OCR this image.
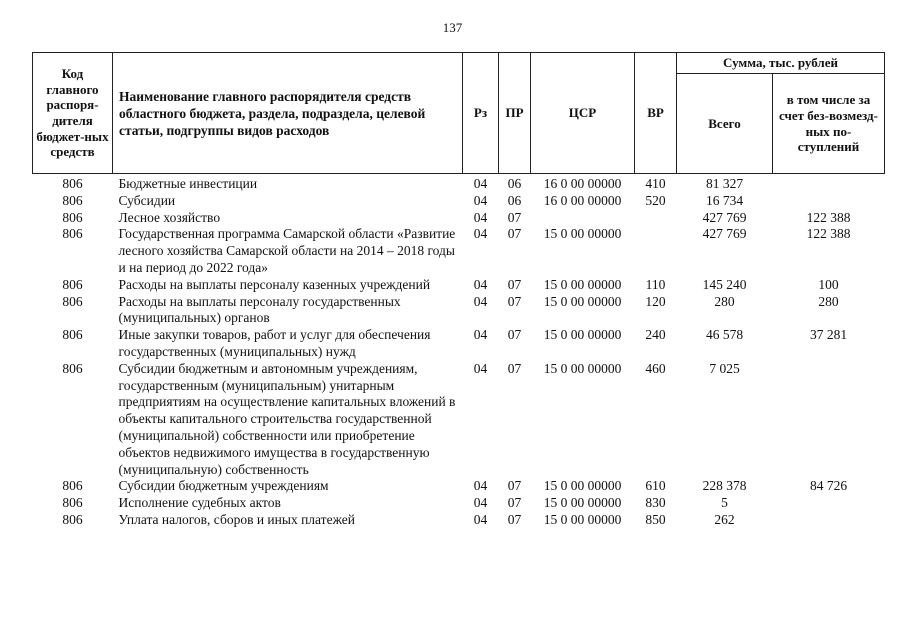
137
Код главного распоря-дителя бюджет-ных средств	Наименование главного распорядителя средств областного бюджета, раздела, подраздела, целевой статьи, подгруппы видов расходов	Рз	ПР	ЦСР	ВР	Сумма, тыс. рублей	
						Всего	в том числе за счет без-возмезд-ных по-ступлений
806	Бюджетные инвестиции	04	06	16 0 00 00000	410	81 327	
806	Субсидии	04	06	16 0 00 00000	520	16 734	
806	Лесное хозяйство	04	07			427 769	122 388
806	Государственная программа Самарской области «Развитие лесного хозяйства Самарской области на 2014 – 2018 годы и на период до 2022 года»	04	07	15 0 00 00000		427 769	122 388
806	Расходы на выплаты персоналу казенных учреждений	04	07	15 0 00 00000	110	145 240	100
806	Расходы на выплаты персоналу государственных (муниципальных) органов	04	07	15 0 00 00000	120	280	280
806	Иные закупки товаров, работ и услуг для обеспечения государственных (муниципальных) нужд	04	07	15 0 00 00000	240	46 578	37 281
806	Субсидии бюджетным и автономным учреждениям, государственным (муниципальным) унитарным предприятиям на осуществление капитальных вложений в объекты капитального строительства государственной (муниципальной) собственности или приобретение объектов недвижимого имущества в государственную (муниципальную) собственность	04	07	15 0 00 00000	460	7 025	
806	Субсидии бюджетным учреждениям	04	07	15 0 00 00000	610	228 378	84 726
806	Исполнение судебных актов	04	07	15 0 00 00000	830	5	
806	Уплата налогов, сборов и иных платежей	04	07	15 0 00 00000	850	262	
